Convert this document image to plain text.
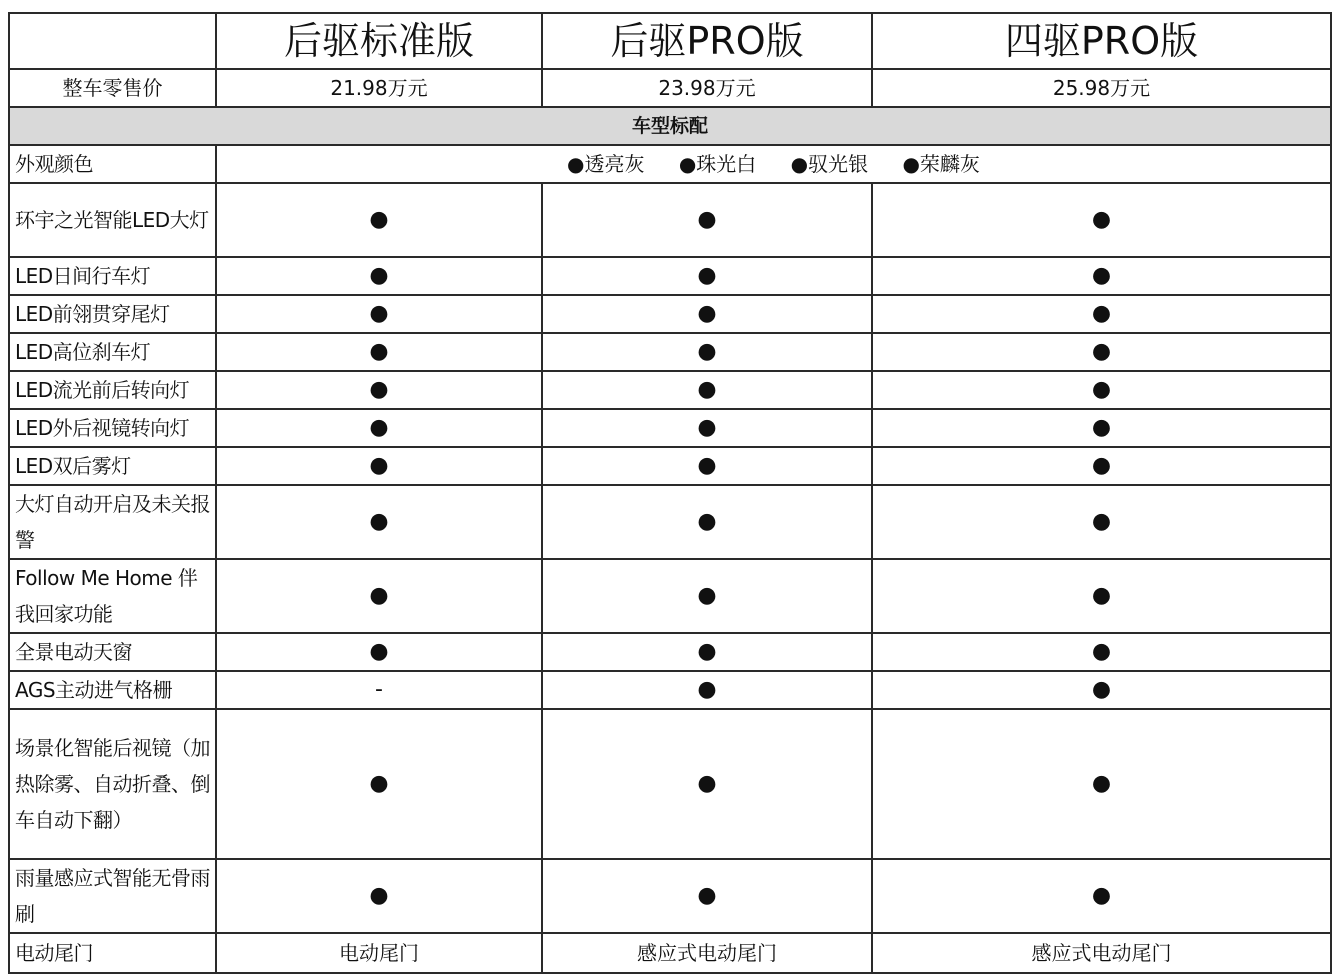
	后驱标准版	后驱PRO版	四驱PRO版
整车零售价	21.98万元	23.98万元	25.98万元
车型标配			
外观颜色	●透亮灰 ●珠光白 ●驭光银 ●荣麟灰		
环宇之光智能LED大灯	●	●	●
LED日间行车灯	●	●	●
LED前翎贯穿尾灯	●	●	●
LED高位刹车灯	●	●	●
LED流光前后转向灯	●	●	●
LED外后视镜转向灯	●	●	●
LED双后雾灯	●	●	●
大灯自动开启及未关报警	●	●	●
Follow Me Home 伴我回家功能	●	●	●
全景电动天窗	●	●	●
AGS主动进气格栅	-	●	●
场景化智能后视镜（加热除雾、自动折叠、倒车自动下翻）	●	●	●
雨量感应式智能无骨雨刷	●	●	●
电动尾门	电动尾门	感应式电动尾门	感应式电动尾门
